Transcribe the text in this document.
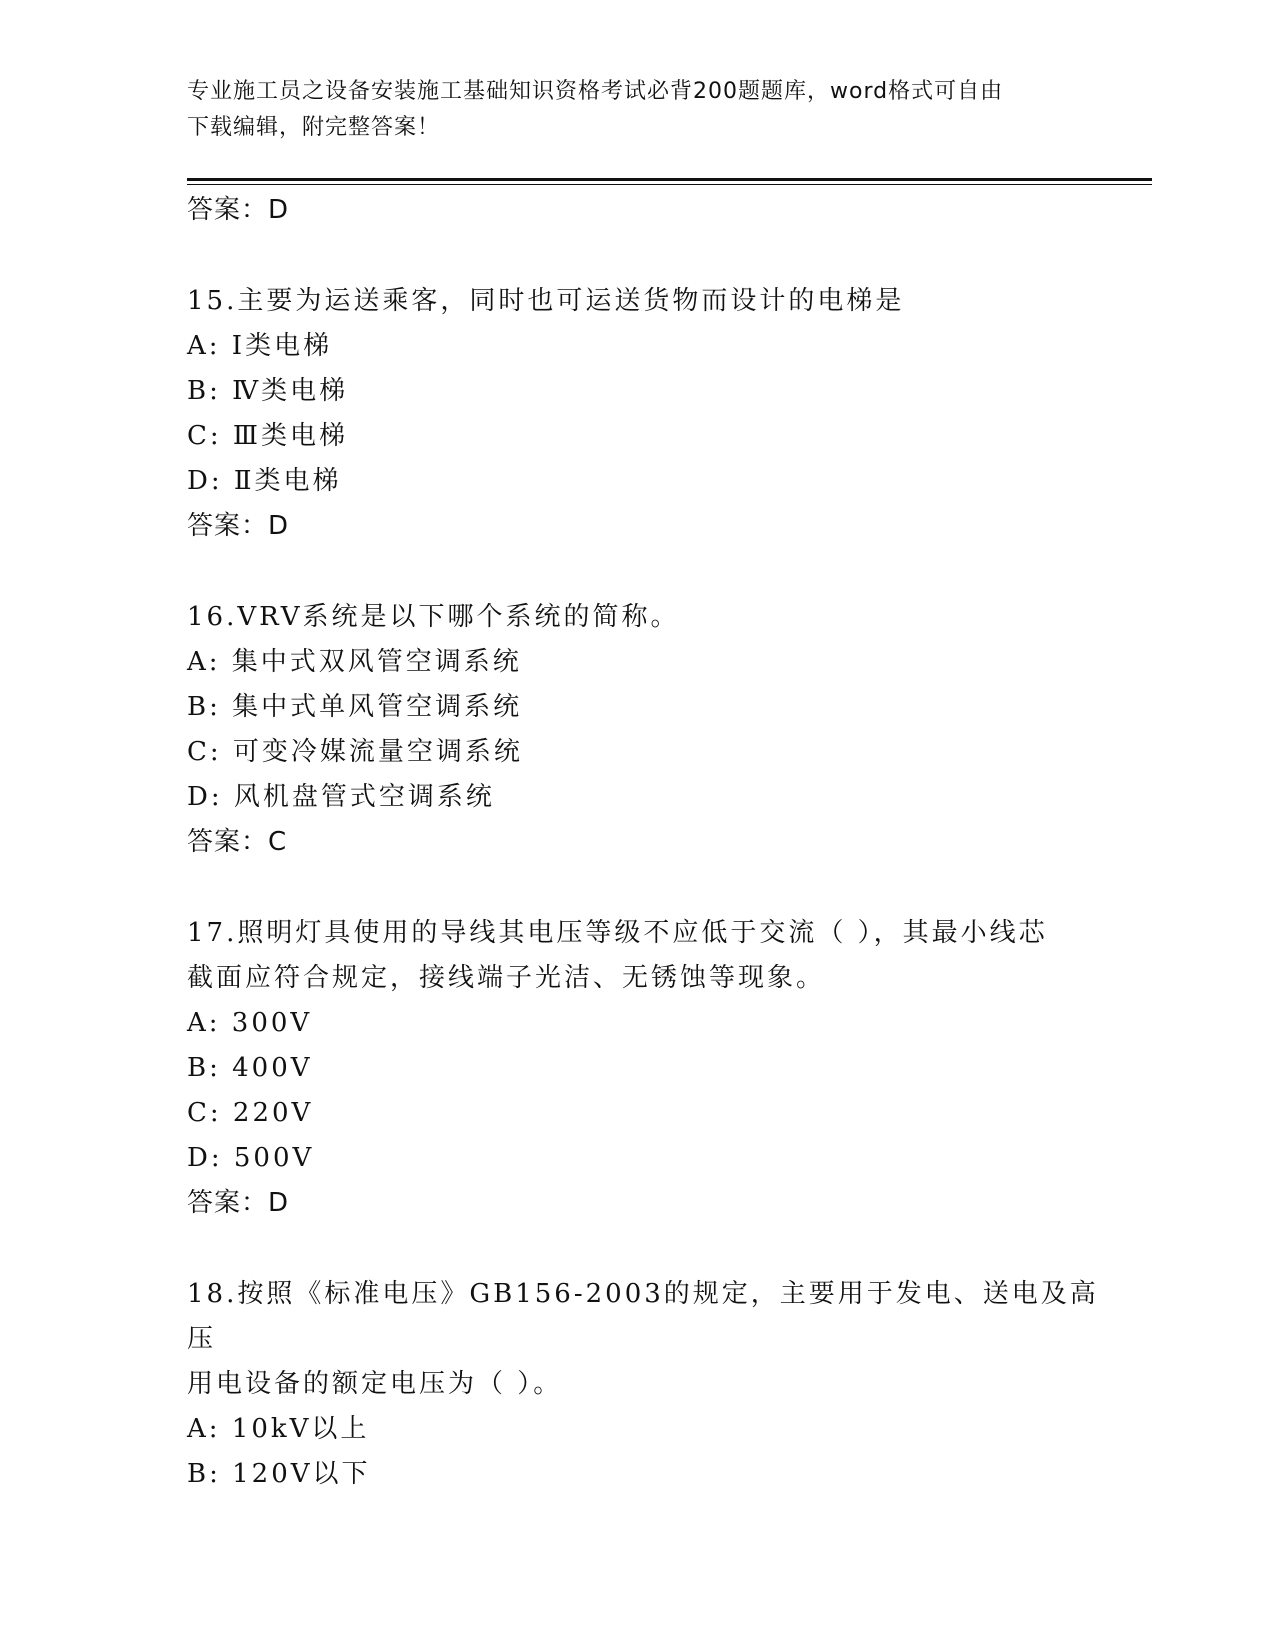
专业施工员之设备安装施工基础知识资格考试必背200题题库，word格式可自由
下载编辑，附完整答案！
答案：D
15.主要为运送乘客，同时也可运送货物而设计的电梯是
A: Ⅰ类电梯
B: Ⅳ类电梯
C: Ⅲ类电梯
D: Ⅱ类电梯
答案：D
16.VRV系统是以下哪个系统的简称。
A: 集中式双风管空调系统
B: 集中式单风管空调系统
C: 可变冷媒流量空调系统
D: 风机盘管式空调系统
答案：C
17.照明灯具使用的导线其电压等级不应低于交流（ ），其最小线芯
截面应符合规定，接线端子光洁、无锈蚀等现象。
A: 300V
B: 400V
C: 220V
D: 500V
答案：D
18.按照《标准电压》GB156-2003的规定，主要用于发电、送电及高压
用电设备的额定电压为（ ）。
A: 10kV以上
B: 120V以下
